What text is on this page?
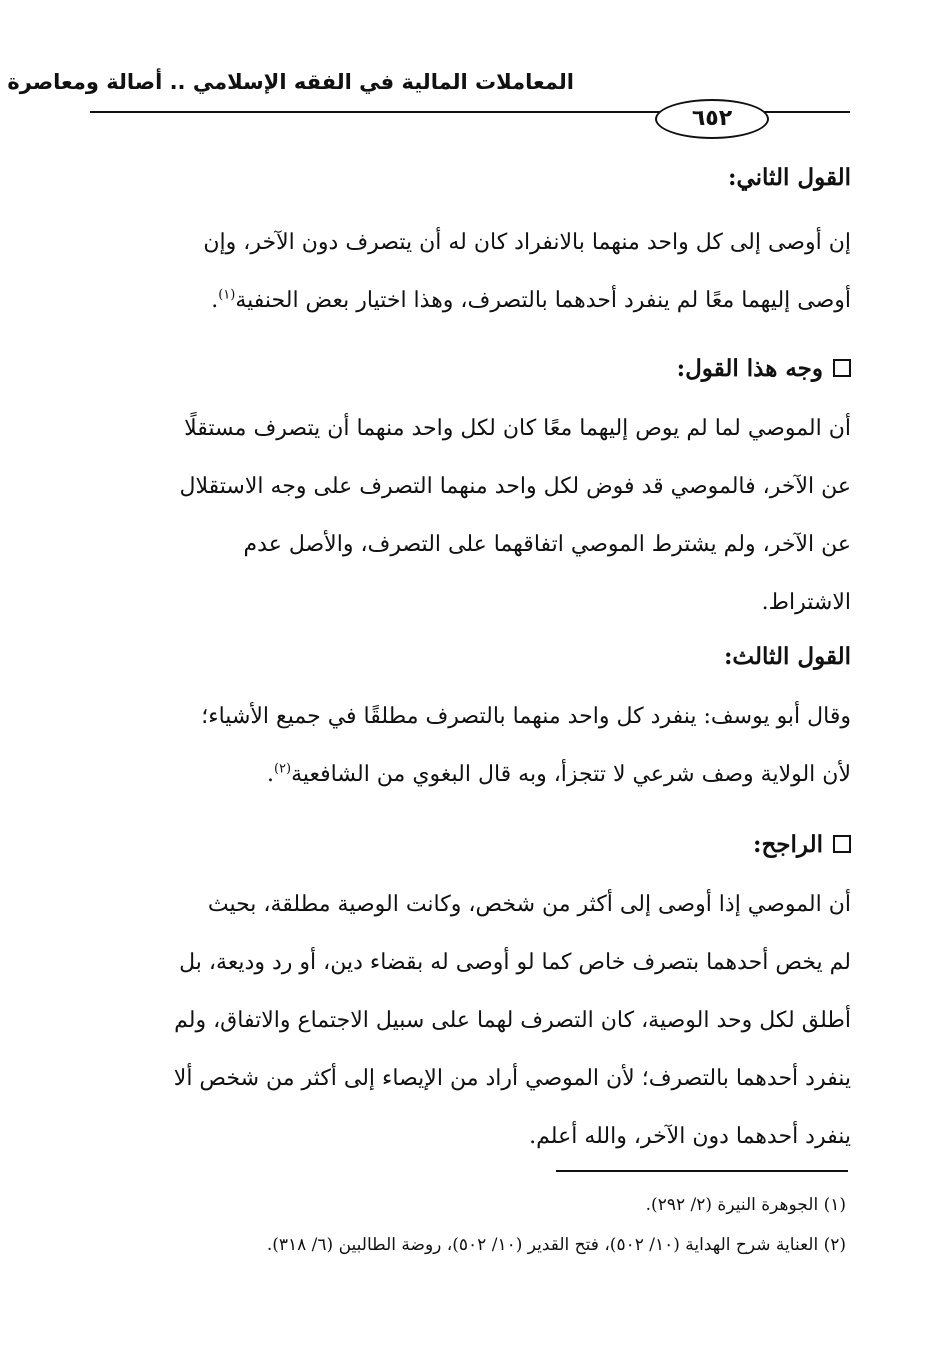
المعاملات المالية في الفقه الإسلامي .. أصالة ومعاصرة
٦٥٢
القول الثاني:
إن أوصى إلى كل واحد منهما بالانفراد كان له أن يتصرف دون الآخر، وإن
أوصى إليهما معًا لم ينفرد أحدهما بالتصرف، وهذا اختيار بعض الحنفية$^{(١)}$.
وجه هذا القول:
أن الموصي لما لم يوص إليهما معًا كان لكل واحد منهما أن يتصرف مستقلًا
عن الآخر، فالموصي قد فوض لكل واحد منهما التصرف على وجه الاستقلال
عن الآخر، ولم يشترط الموصي اتفاقهما على التصرف، والأصل عدم
الاشتراط.
القول الثالث:
وقال أبو يوسف: ينفرد كل واحد منهما بالتصرف مطلقًا في جميع الأشياء؛
لأن الولاية وصف شرعي لا تتجزأ، وبه قال البغوي من الشافعية$^{(٢)}$.
الراجح:
أن الموصي إذا أوصى إلى أكثر من شخص، وكانت الوصية مطلقة، بحيث
لم يخص أحدهما بتصرف خاص كما لو أوصى له بقضاء دين، أو رد وديعة، بل
أطلق لكل وحد الوصية، كان التصرف لهما على سبيل الاجتماع والاتفاق، ولم
ينفرد أحدهما بالتصرف؛ لأن الموصي أراد من الإيصاء إلى أكثر من شخص ألا
ينفرد أحدهما دون الآخر، والله أعلم.
(١) الجوهرة النيرة (٢/ ٢٩٢).
(٢) العناية شرح الهداية (١٠/ ٥٠٢)، فتح القدير (١٠/ ٥٠٢)، روضة الطالبين (٦/ ٣١٨).
